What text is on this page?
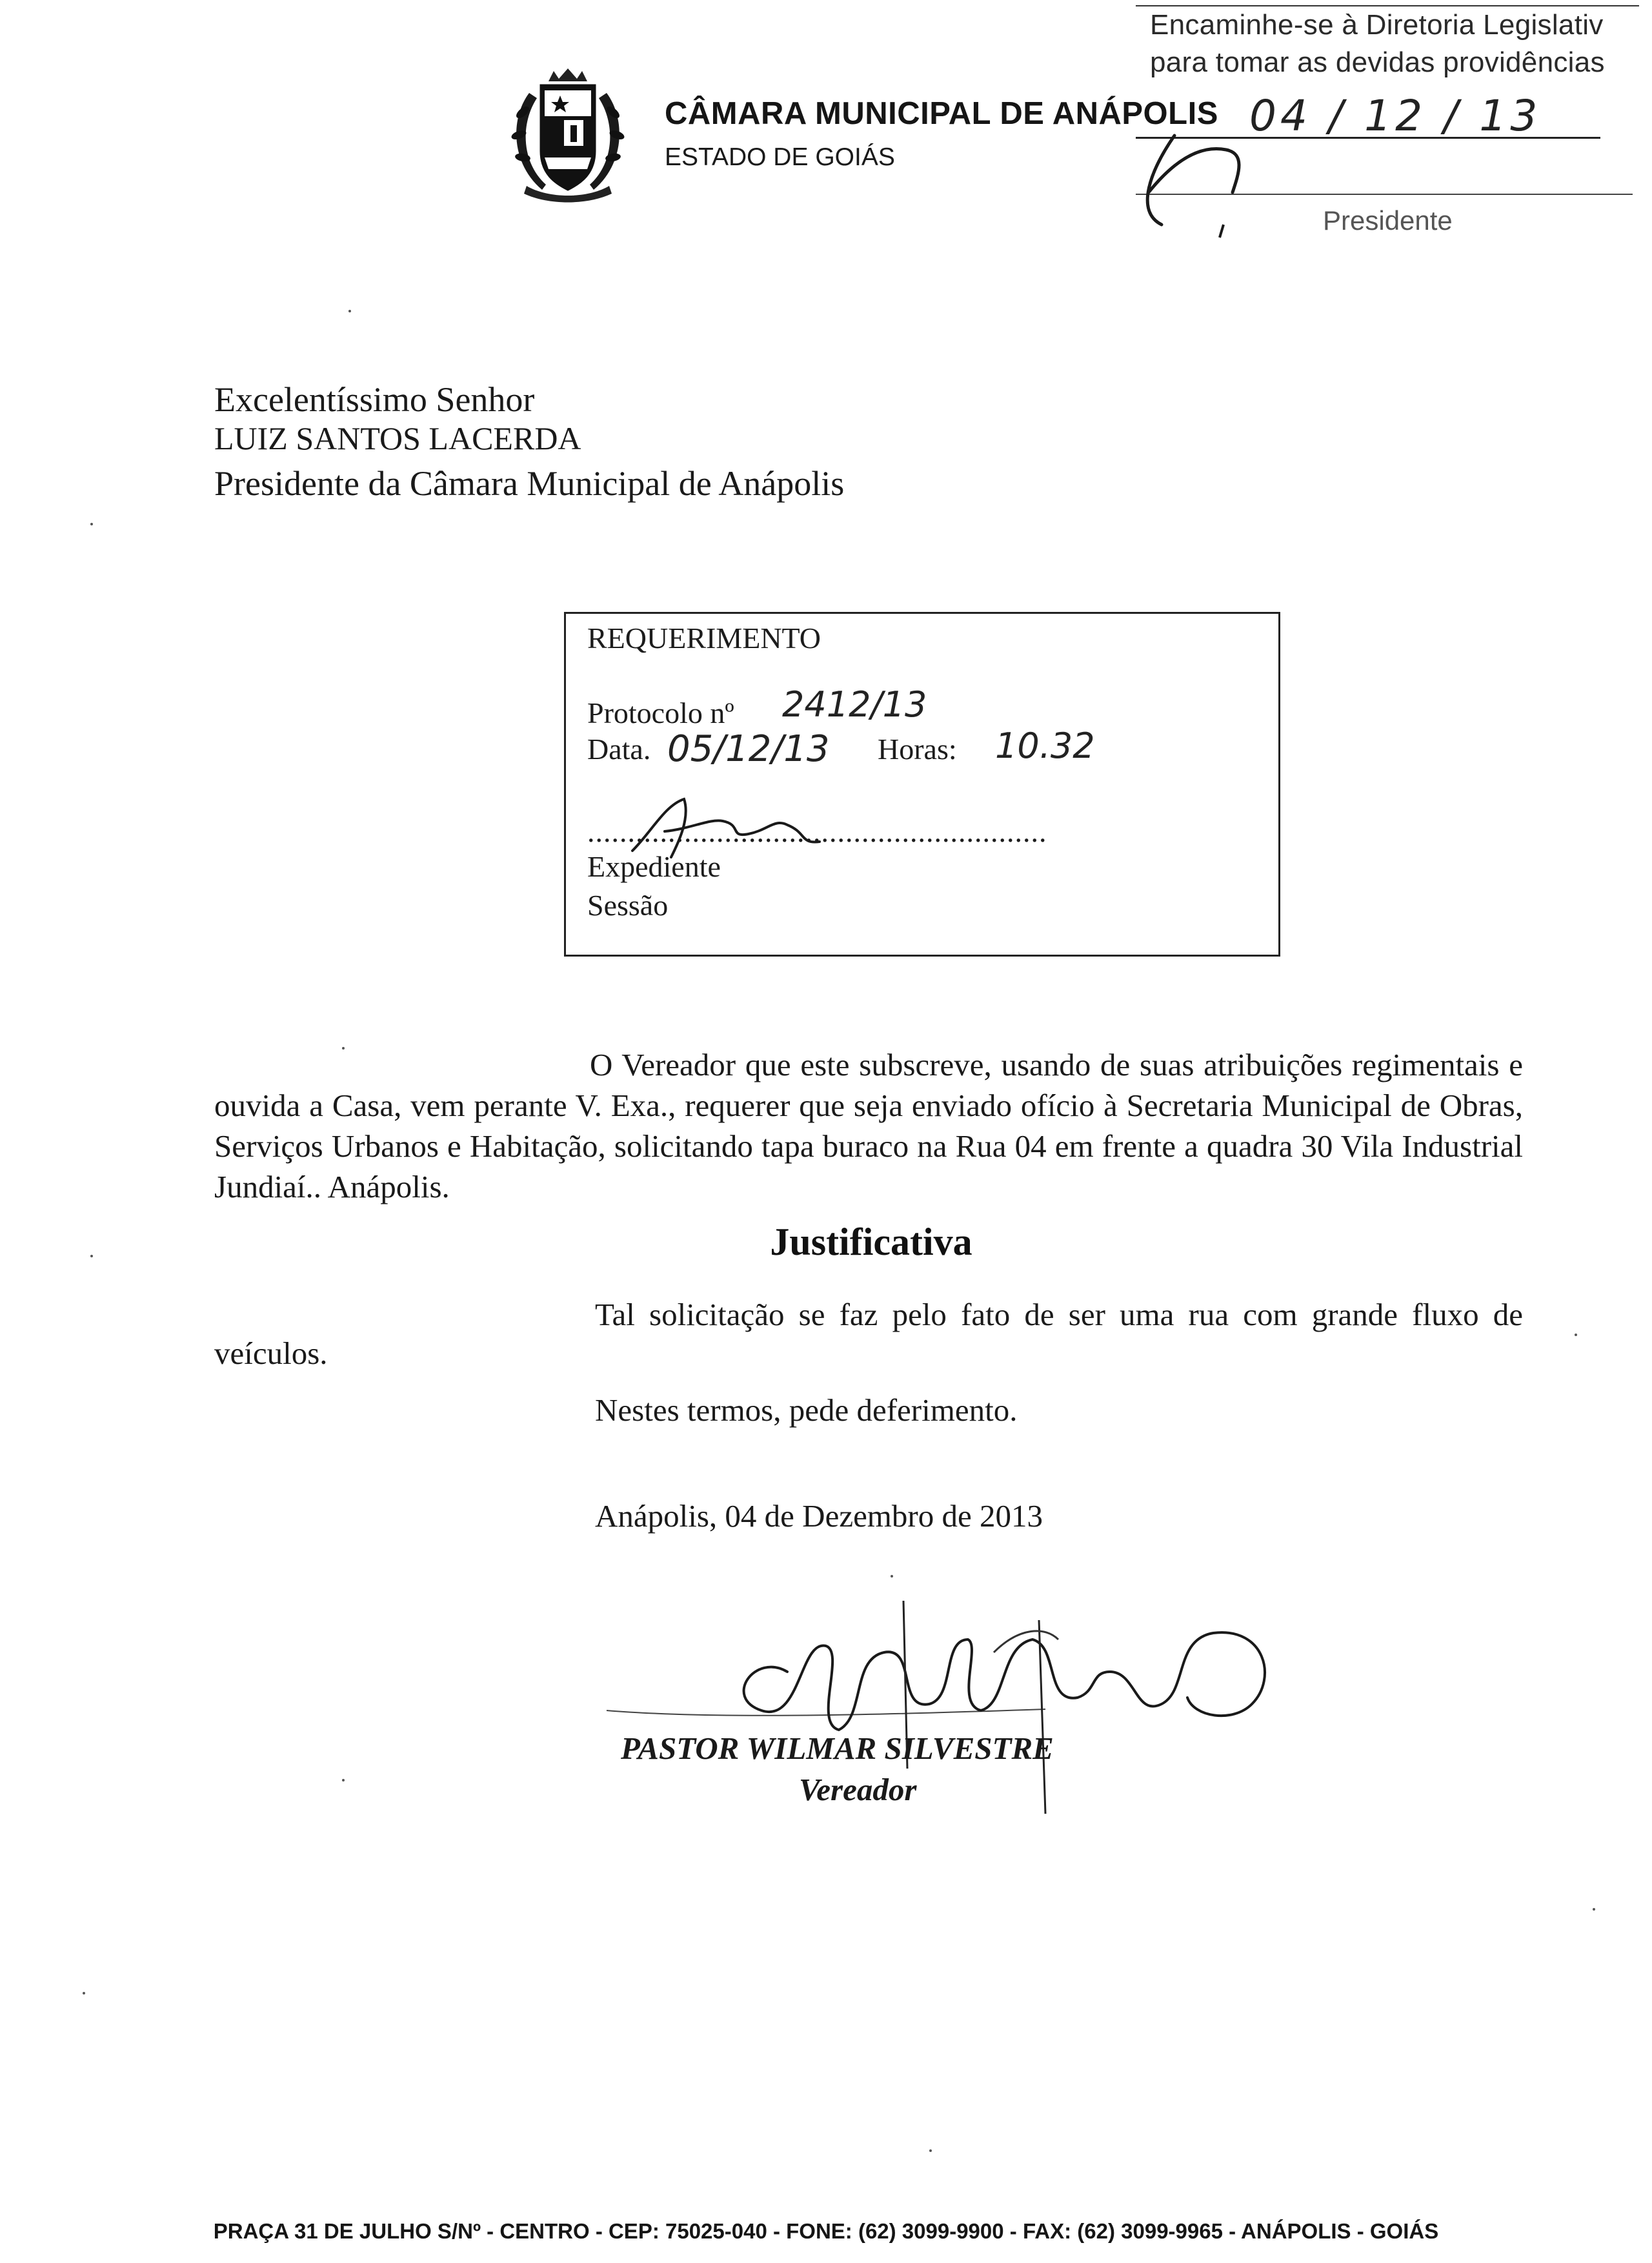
CÂMARA MUNICIPAL DE ANÁPOLIS
ESTADO DE GOIÁS
Encaminhe-se à Diretoria Legislativ
para tomar as devidas providências
Presidente
04 / 12 / 13
Excelentíssimo Senhor
LUIZ SANTOS LACERDA
Presidente da Câmara Municipal de Anápolis
REQUERIMENTO
Protocolo nº 2412/13
Data. 05/12/13 Horas: 10.32
.........................................................
Expediente
Sessão
O Vereador que este subscreve, usando de suas atribuições regimentais e ouvida a Casa, vem perante V. Exa., requerer que seja enviado ofício à Secretaria Municipal de Obras, Serviços Urbanos e Habitação, solicitando tapa buraco na Rua 04 em frente a quadra 30 Vila Industrial Jundiaí.. Anápolis.
Justificativa
Tal solicitação se faz pelo fato de ser uma rua com grande fluxo de
veículos.
Nestes termos, pede deferimento.
Anápolis, 04 de Dezembro de 2013
PASTOR WILMAR SILVESTRE
Vereador
PRAÇA 31 DE JULHO S/Nº - CENTRO - CEP: 75025-040 - FONE: (62) 3099-9900 - FAX: (62) 3099-9965 - ANÁPOLIS - GOIÁS
